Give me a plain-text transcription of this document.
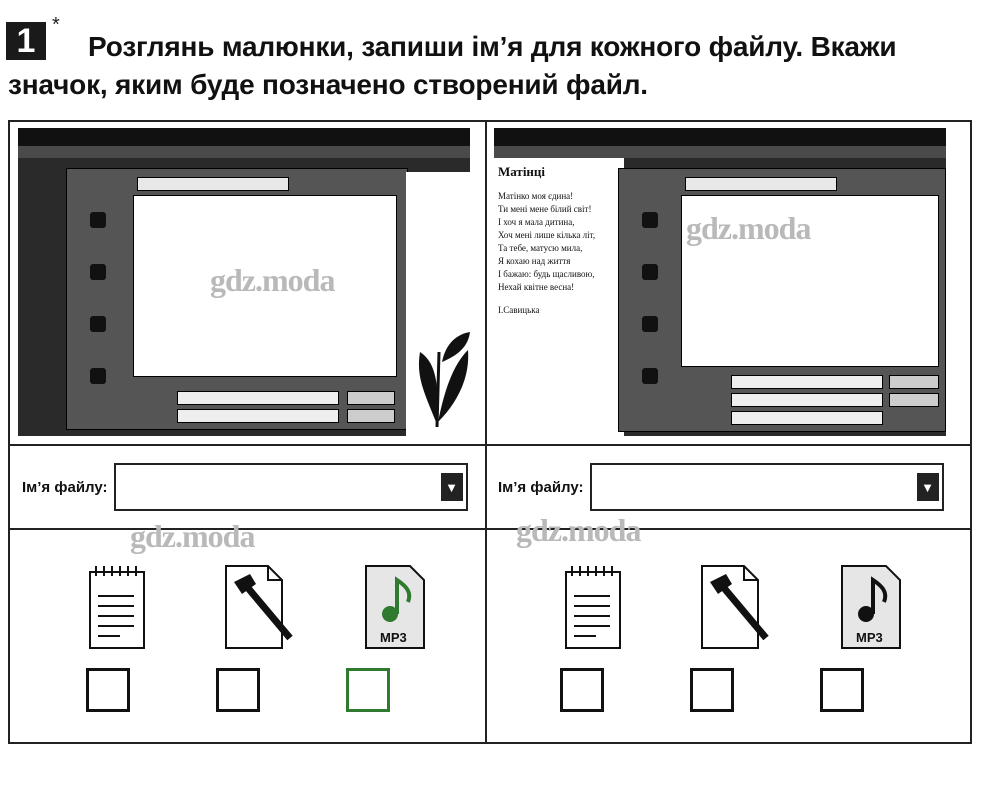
1 *
Розглянь малюнки, запиши ім’я для кожного файлу. Вкажи
значок, яким буде позначено створений файл.
Матінці
Матінко моя єдина!
Ти мені мене білий світ!
І хоч я мала дитина,
Хоч мені лише кілька літ,
Та тебе, матусю мила,
Я кохаю над життя
І бажаю: будь щасливою,
Нехай квітне весна!
І.Савицька
Ім’я файлу:	▼	Ім’я файлу:	▼
MP3	MP3
gdz.moda
gdz.moda
gdz.moda	gdz.moda
